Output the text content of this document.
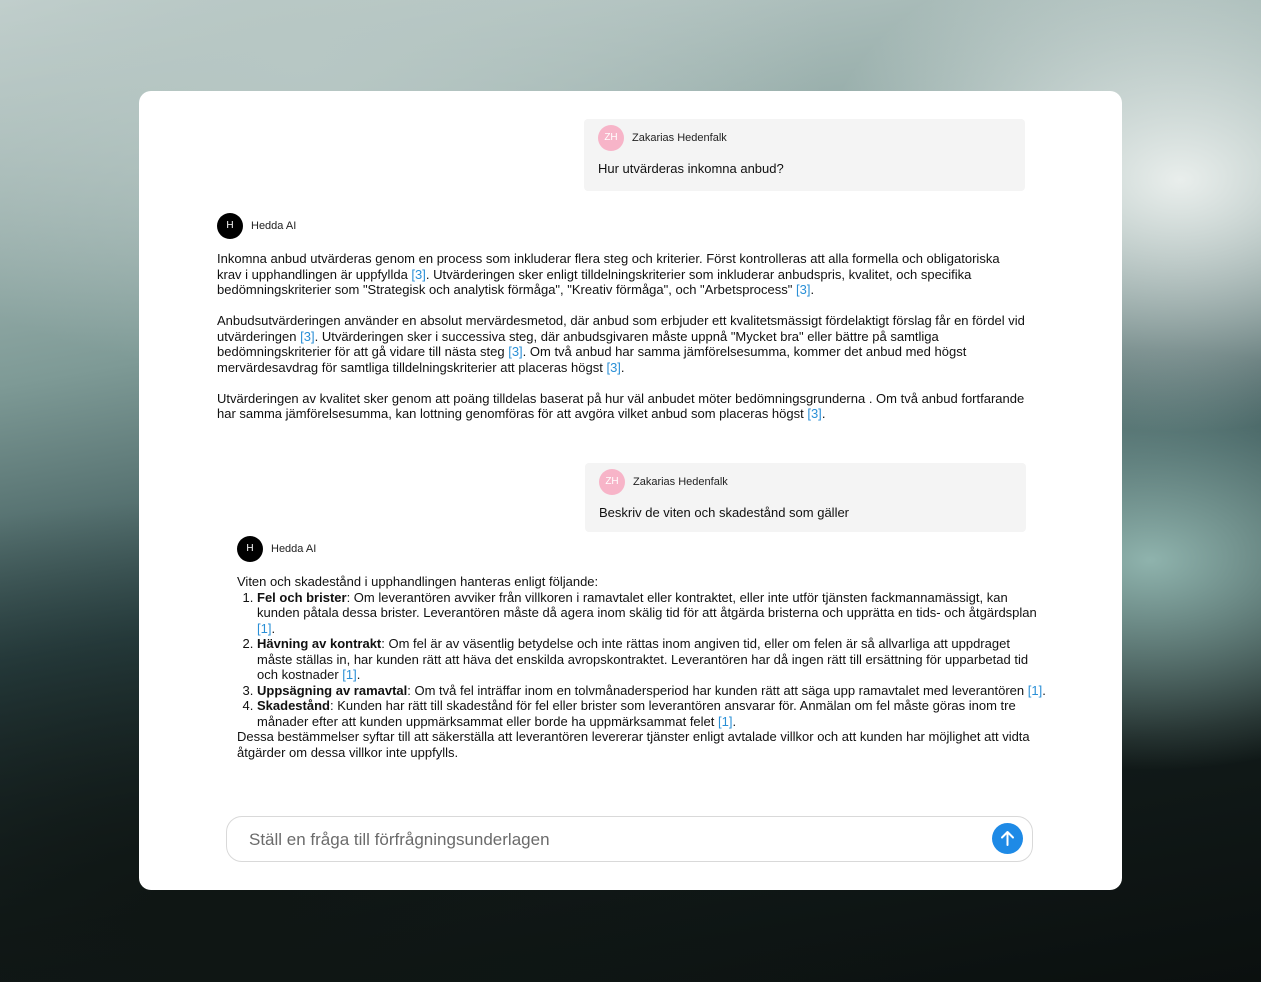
ZH	Zakarias Hedenfalk
Hur utvärderas inkomna anbud?
H	Hedda AI

Inkomna anbud utvärderas genom en process som inkluderar flera steg och kriterier. Först kontrolleras att alla formella och obligatoriska krav i upphandlingen är uppfyllda [3]. Utvärderingen sker enligt tilldelningskriterier som inkluderar anbudspris, kvalitet, och specifika bedömningskriterier som "Strategisk och analytisk förmåga", "Kreativ förmåga", och "Arbetsprocess" [3].

Anbudsutvärderingen använder en absolut mervärdesmetod, där anbud som erbjuder ett kvalitetsmässigt fördelaktigt förslag får en fördel vid utvärderingen [3]. Utvärderingen sker i successiva steg, där anbudsgivaren måste uppnå "Mycket bra" eller bättre på samtliga bedömningskriterier för att gå vidare till nästa steg [3]. Om två anbud har samma jämförelsesumma, kommer det anbud med högst mervärdesavdrag för samtliga tilldelningskriterier att placeras högst [3].

Utvärderingen av kvalitet sker genom att poäng tilldelas baserat på hur väl anbudet möter bedömningsgrunderna . Om två anbud fortfarande har samma jämförelsesumma, kan lottning genomföras för att avgöra vilket anbud som placeras högst [3].

ZH	Zakarias Hedenfalk
Beskriv de viten och skadestånd som gäller
H	Hedda AI
Viten och skadestånd i upphandlingen hanteras enligt följande:
1. Fel och brister: Om leverantören avviker från villkoren i ramavtalet eller kontraktet, eller inte utför tjänsten fackmannamässigt, kan kunden påtala dessa brister. Leverantören måste då agera inom skälig tid för att åtgärda bristerna och upprätta en tids- och åtgärdsplan [1].
2. Hävning av kontrakt: Om fel är av väsentlig betydelse och inte rättas inom angiven tid, eller om felen är så allvarliga att uppdraget måste ställas in, har kunden rätt att häva det enskilda avropskontraktet. Leverantören har då ingen rätt till ersättning för upparbetad tid och kostnader [1].
3. Uppsägning av ramavtal: Om två fel inträffar inom en tolvmånadersperiod har kunden rätt att säga upp ramavtalet med leverantören [1].
4. Skadestånd: Kunden har rätt till skadestånd för fel eller brister som leverantören ansvarar för. Anmälan om fel måste göras inom tre månader efter att kunden uppmärksammat eller borde ha uppmärksammat felet [1].
Dessa bestämmelser syftar till att säkerställa att leverantören levererar tjänster enligt avtalade villkor och att kunden har möjlighet att vidta åtgärder om dessa villkor inte uppfylls.
Ställ en fråga till förfrågningsunderlagen
